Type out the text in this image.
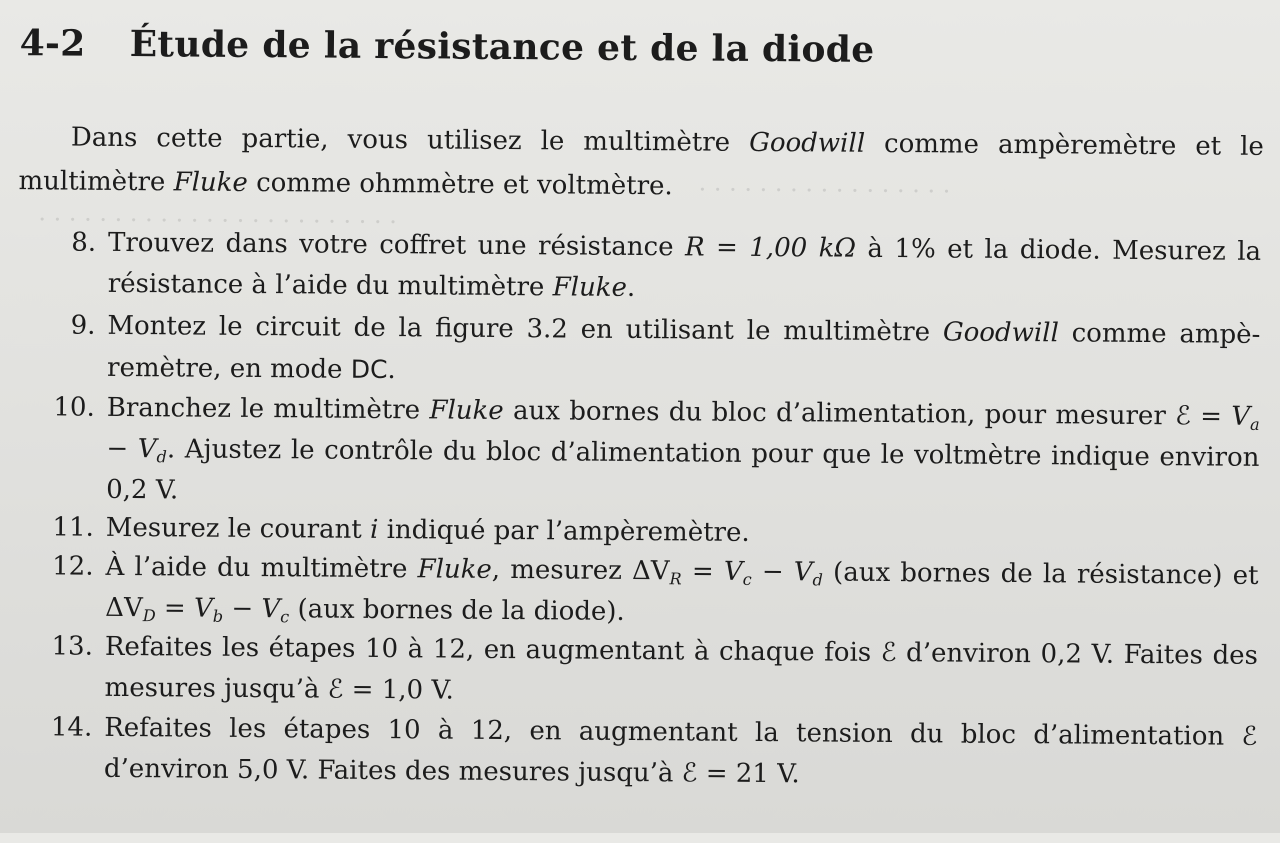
· · · · · · · · · · · · · · · · ·
· · · · · · · · · · · · · · · · · · · · · · · ·
4-2 Étude de la résistance et de la diode

Dans cette partie, vous utilisez le multimètre Goodwill comme ampèremètre et le multimètre Fluke comme ohmmètre et voltmètre.

8. Trouvez dans votre coffret une résistance R = 1,00 kΩ à 1% et la diode. Mesurez la résistance à l’aide du multimètre Fluke.
9. Montez le circuit de la figure 3.2 en utilisant le multimètre Goodwill comme ampè-remètre, en mode DC.
10. Branchez le multimètre Fluke aux bornes du bloc d’alimentation, pour mesurer ℰ = $V_a - V_d$. Ajustez le contrôle du bloc d’alimentation pour que le voltmètre indique environ 0,2 V.
11. Mesurez le courant i indiqué par l’ampèremètre.
12. À l’aide du multimètre Fluke, mesurez $\Delta V_R = V_c - V_d$ (aux bornes de la résistance) et $\Delta V_D = V_b - V_c$ (aux bornes de la diode).
13. Refaites les étapes 10 à 12, en augmentant à chaque fois ℰ d’environ 0,2 V. Faites des mesures jusqu’à ℰ = 1,0 V.
14. Refaites les étapes 10 à 12, en augmentant la tension du bloc d’alimentation ℰ d’environ 5,0 V. Faites des mesures jusqu’à ℰ = 21 V.
